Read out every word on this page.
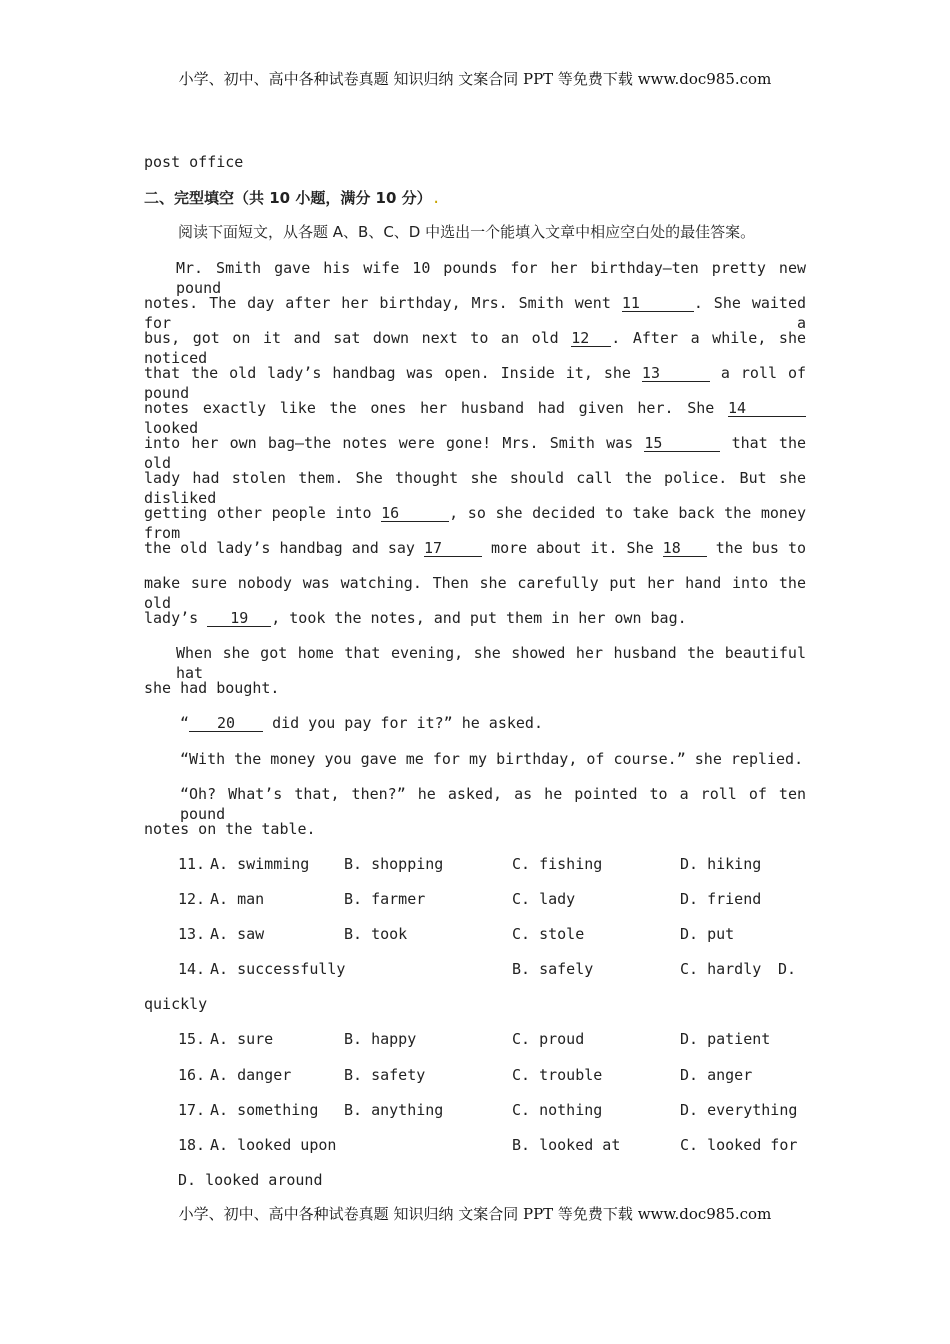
小学、初中、高中各种试卷真题 知识归纳 文案合同 PPT 等免费下载 www.doc985.com
post office
二、完型填空（共 10 小题，满分 10 分）.
阅读下面短文，从各题 A、B、C、D 中选出一个能填入文章中相应空白处的最佳答案。
Mr. Smith gave his wife 10 pounds for her birthday—ten pretty new pound
notes. The day after her birthday, Mrs. Smith went 11	. She waited for a
bus, got on it and sat down next to an old 12 . After a while, she noticed
that the old lady’s handbag was open. Inside it, she 13	a roll of pound
notes exactly like the ones her husband had given her. She 14 looked
into her own bag—the notes were gone! Mrs. Smith was 15	that the old
lady had stolen them. She thought she should call the police. But she disliked
getting other people into 16	, so she decided to take back the money from
the old lady’s handbag and say 17	more about it. She 18 the bus to
make sure nobody was watching. Then she carefully put her hand into the old
lady’s 19 , took the notes, and put them in her own bag.
When she got home that evening, she showed her husband the beautiful hat
she had bought.
“ 20 did you pay for it?” he asked.
“With the money you gave me for my birthday, of course.” she replied.
“Oh? What’s that, then?” he asked, as he pointed to a roll of ten pound
notes on the table.
11. A. swimming B. shopping	C. fishing	D. hiking
12. A. man	B. farmer	C. lady	D. friend
13. A. saw	B. took	C. stole	D. put
14. A. successfully	B. safely	C. hardly D.
quickly
15. A. sure	B. happy	C. proud	D. patient
16. A. danger	B. safety	C. trouble	D. anger
17. A. something B. anything	C. nothing	D. everything
18. A. looked upon	B. looked at	C. looked for
D. looked around
小学、初中、高中各种试卷真题 知识归纳 文案合同 PPT 等免费下载 www.doc985.com
